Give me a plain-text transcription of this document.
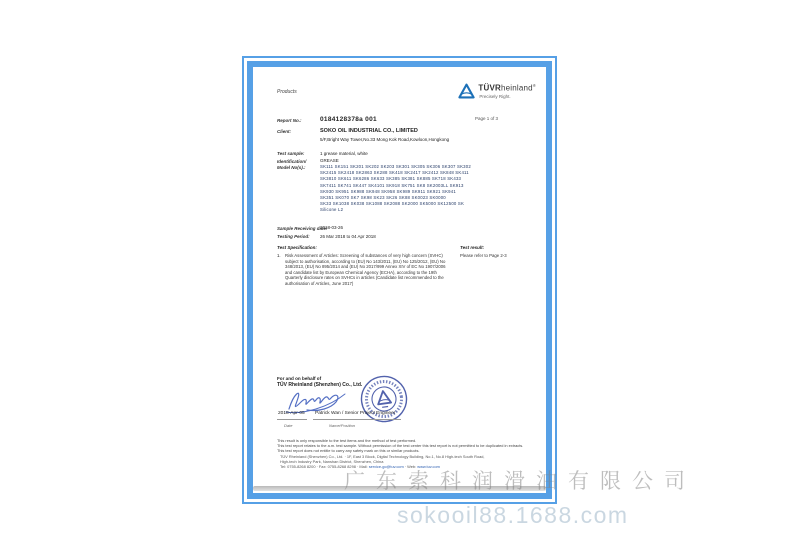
Products	TÜVRheinland®
Precisely Right.
Page 1 of 3
Report No.:	0184128378a 001
Client:	SOKO OIL INDUSTRIAL CO., LIMITED
5/F,Bright Way Tower,No.33 Mong Kok Road,Kowloon,Hongkong
Test sample:	1 grease material, white
Identification/
Model No(s).:
GREASE
SK111 SK151 SK201 SK202 SK203 SK301 SK305 SK306 SK307 SK302
SK2415 SK2418 SK2863 SK288 SK418 SK2417 SK2412 SK848 SK411
SK3810 SK611 SK6286 SK633 SK385 SK381 SK885 SK718 SK433
SK7411 SK741 SK447 SK4101 SK918 SK751 SK8 SK2003LL SK913
SK930 SK951 SK988 SK948 SK958 SK989 SK911 SK921 SK941
SK351 SK070 SK7 SK98 SK23 SK26 SK88 SK0023 SK0000
SK33 SK1038 SK038 SK1088 SK2088 SK2000 SK5000 SK12500 SK
Silicone L2
Sample Receiving date:
2018-03-26
Testing Period: 26 Mar 2018 to 04 Apr 2018
Test Specification:	Test result:
1. Risk Assessment of Articles: Screening of substances of very high concern (SVHC) subject to authorisation, according to (EU) No 143/2011, (EU) No 125/2012, (EU) No 348/2013, (EU) No 895/2014 and (EU) No 2017/999 Annex XIV of EC No 1907/2006 and candidate list by European Chemical Agency (ECHA), according to the 19th Quarterly disclosure rates on SVHCs in articles (Candidate list recommended to the authorisation of Articles, June 2017)
Please refer to Page 2-3
For and on behalf of
TÜV Rheinland (Shenzhen) Co., Ltd.
2018-Apr-05 Patrick Wan / Senior Project Engineer
Date	Name/Position
This result is only responsible to the test items and the method of test performed.
This test report relates to the a.m. test sample. Without permission of the test center this test report is not permitted to be duplicated in extracts. This test report does not entitle to carry any safety mark on this or similar products.
TÜV Rheinland (Shenzhen) Co., Ltd. · 1F, East 3 Block, Digital Technology Building, No.1, No.8 High-tech South Road,
High-tech Industry Park, Nanshan District, Shenzhen, China
Tel: 0755-8268 8200 · Fax: 0755-8268 8298 · Mail: service-gc@tuv.com · Web: www.tuv.com
广东索科润滑油有限公司
sokooil88.1688.com
